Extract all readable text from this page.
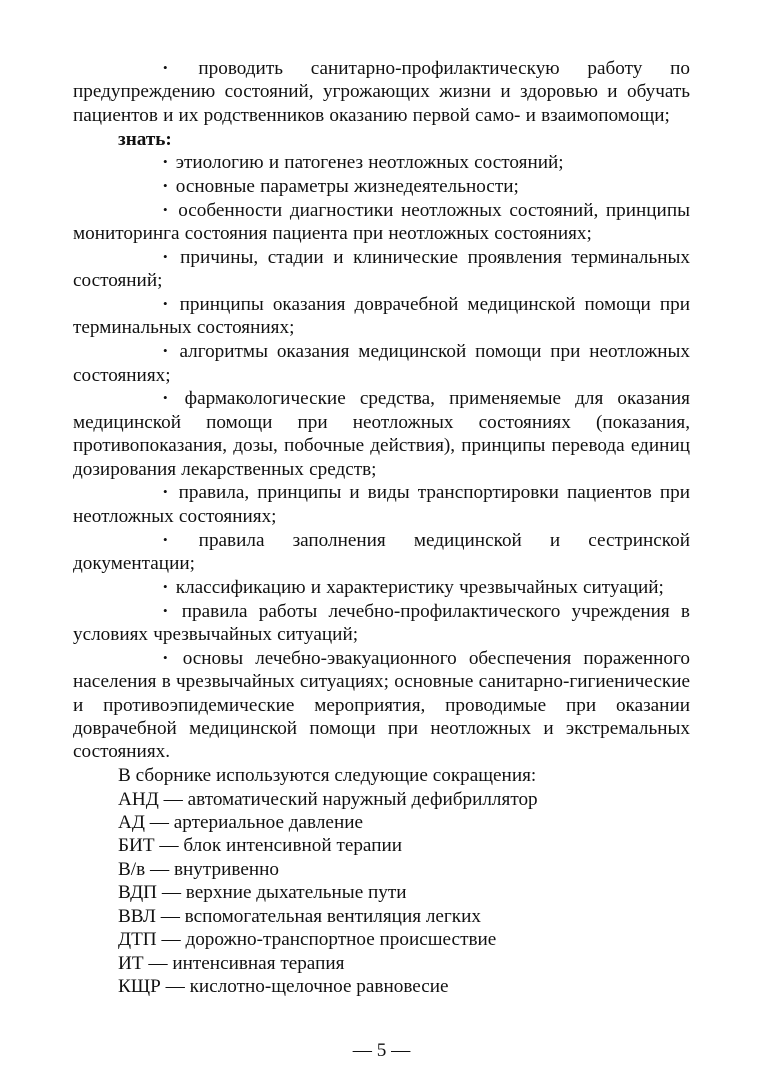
• проводить санитарно-профилактическую работу по предупреждению состояний, угрожающих жизни и здоровью и обучать пациентов и их родственников оказанию первой само- и взаимопомощи;

знать:

• этиологию и патогенез неотложных состояний;

• основные параметры жизнедеятельности;

• особенности диагностики неотложных состояний, принципы мониторинга состояния пациента при неотложных состояниях;

• причины, стадии и клинические проявления терминальных состояний;

• принципы оказания доврачебной медицинской помощи при терминальных состояниях;

• алгоритмы оказания медицинской помощи при неотложных состояниях;

• фармакологические средства, применяемые для оказания медицинской помощи при неотложных состояниях (показания, противопоказания, дозы, побочные действия), принципы перевода единиц дозирования лекарственных средств;

• правила, принципы и виды транспортировки пациентов при неотложных состояниях;

• правила заполнения медицинской и сестринской документации;

• классификацию и характеристику чрезвычайных ситуаций;

• правила работы лечебно-профилактического учреждения в условиях чрезвычайных ситуаций;

• основы лечебно-эвакуационного обеспечения пораженного населения в чрезвычайных ситуациях; основные санитарно-гигиенические и противоэпидемические мероприятия, проводимые при оказании доврачебной медицинской помощи при неотложных и экстремальных состояниях.

В сборнике используются следующие сокращения:

АНД — автоматический наружный дефибриллятор
АД — артериальное давление
БИТ — блок интенсивной терапии
В/в — внутривенно
ВДП — верхние дыхательные пути
ВВЛ — вспомогательная вентиляция легких
ДТП — дорожно-транспортное происшествие
ИТ — интенсивная терапия
КЩР — кислотно-щелочное равновесие
— 5 —
